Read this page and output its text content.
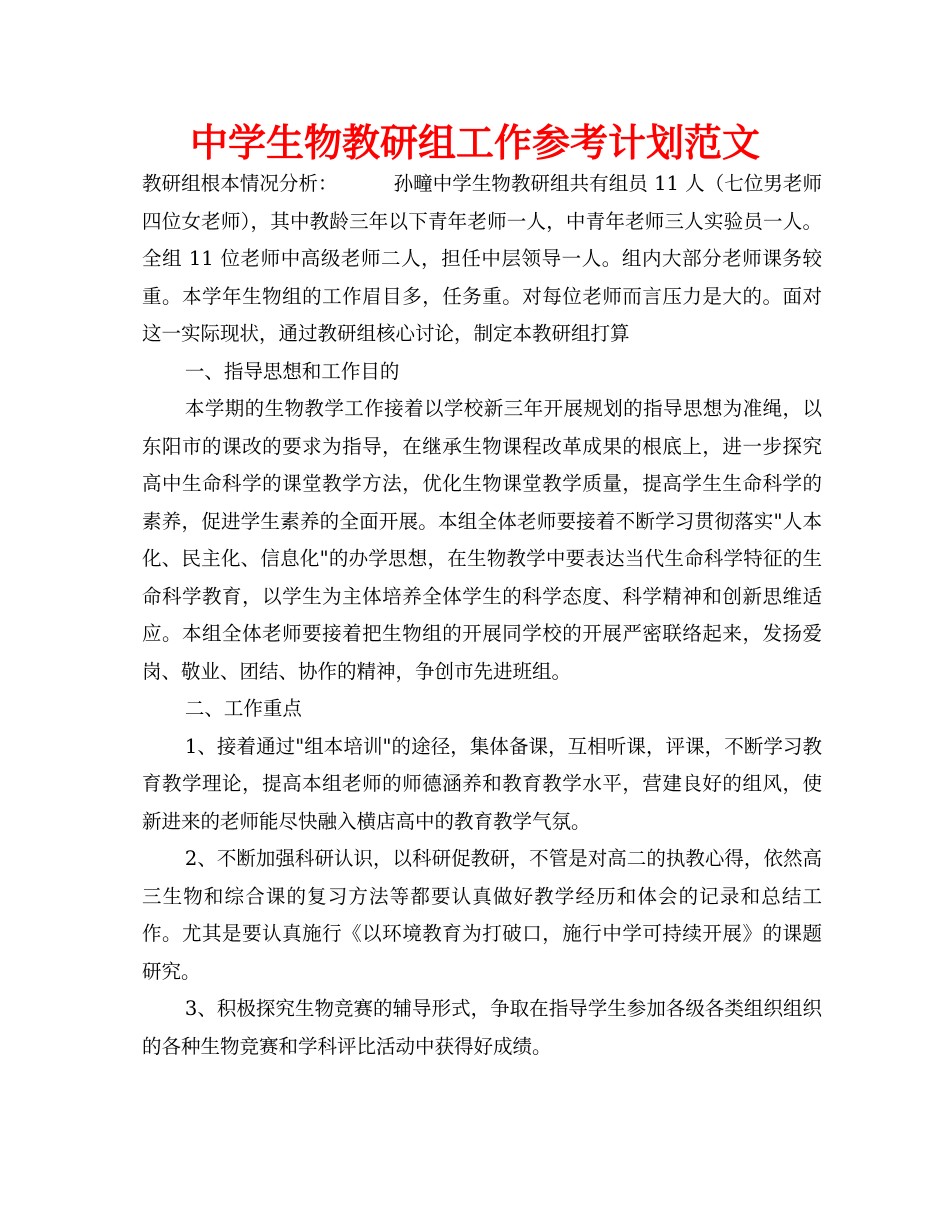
中学生物教研组工作参考计划范文

教研组根本情况分析：	孙疃中学生物教研组共有组员 11 人（七位男老师四位女老师），其中教龄三年以下青年老师一人，中青年老师三人实验员一人。全组 11 位老师中高级老师二人，担任中层领导一人。组内大部分老师课务较重。本学年生物组的工作眉目多，任务重。对每位老师而言压力是大的。面对这一实际现状，通过教研组核心讨论，制定本教研组打算

一、指导思想和工作目的

本学期的生物教学工作接着以学校新三年开展规划的指导思想为准绳，以东阳市的课改的要求为指导，在继承生物课程改革成果的根底上，进一步探究高中生命科学的课堂教学方法，优化生物课堂教学质量，提高学生生命科学的素养，促进学生素养的全面开展。本组全体老师要接着不断学习贯彻落实"人本化、民主化、信息化"的办学思想，在生物教学中要表达当代生命科学特征的生命科学教育，以学生为主体培养全体学生的科学态度、科学精神和创新思维适应。本组全体老师要接着把生物组的开展同学校的开展严密联络起来，发扬爱岗、敬业、团结、协作的精神，争创市先进班组。

二、工作重点

1、接着通过"组本培训"的途径，集体备课，互相听课，评课，不断学习教育教学理论，提高本组老师的师德涵养和教育教学水平，营建良好的组风，使新进来的老师能尽快融入横店高中的教育教学气氛。

2、不断加强科研认识，以科研促教研，不管是对高二的执教心得，依然高三生物和综合课的复习方法等都要认真做好教学经历和体会的记录和总结工作。尤其是要认真施行《以环境教育为打破口，施行中学可持续开展》的课题研究。

3、积极探究生物竞赛的辅导形式，争取在指导学生参加各级各类组织组织的各种生物竞赛和学科评比活动中获得好成绩。
